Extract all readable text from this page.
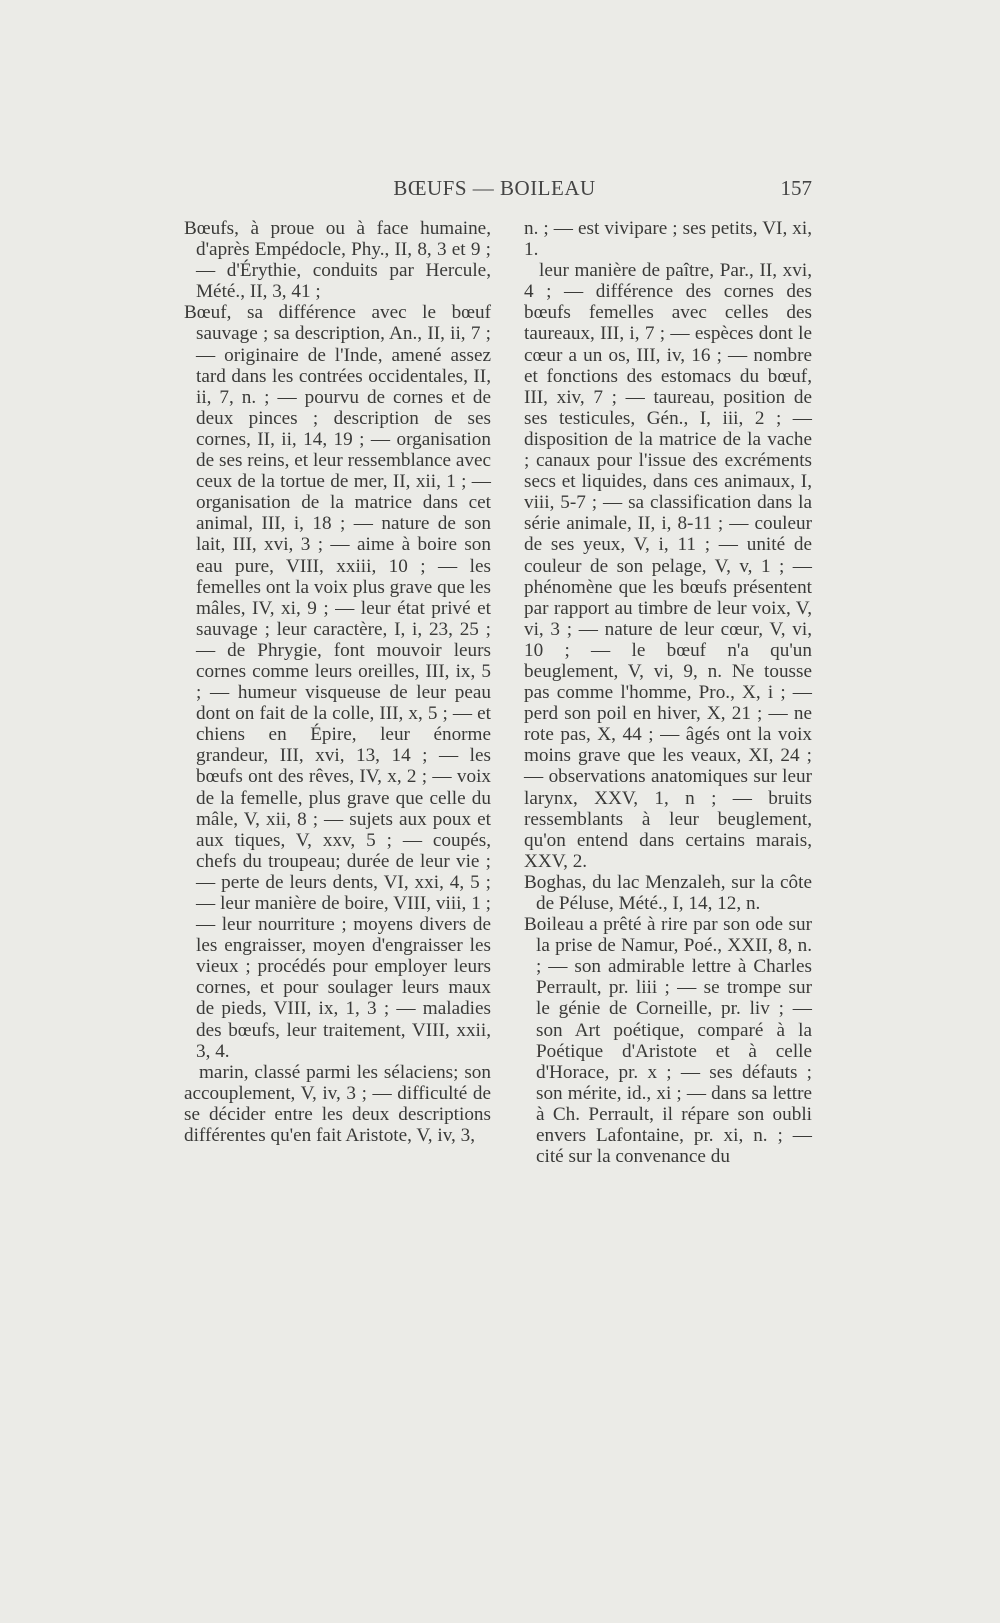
BŒUFS — BOILEAU	157

Bœufs, à proue ou à face humaine, d'après Empédocle, Phy., II, 8, 3 et 9 ; — d'Érythie, conduits par Hercule, Mété., II, 3, 41 ;

Bœuf, sa différence avec le bœuf sauvage ; sa description, An., II, ii, 7 ; — originaire de l'Inde, amené assez tard dans les contrées occidentales, II, ii, 7, n. ; — pourvu de cornes et de deux pinces ; description de ses cornes, II, ii, 14, 19 ; — organisation de ses reins, et leur ressemblance avec ceux de la tortue de mer, II, xii, 1 ; — organisation de la matrice dans cet animal, III, i, 18 ; — nature de son lait, III, xvi, 3 ; — aime à boire son eau pure, VIII, xxiii, 10 ; — les femelles ont la voix plus grave que les mâles, IV, xi, 9 ; — leur état privé et sauvage ; leur caractère, I, i, 23, 25 ; — de Phrygie, font mouvoir leurs cornes comme leurs oreilles, III, ix, 5 ; — humeur visqueuse de leur peau dont on fait de la colle, III, x, 5 ; — et chiens en Épire, leur énorme grandeur, III, xvi, 13, 14 ; — les bœufs ont des rêves, IV, x, 2 ; — voix de la femelle, plus grave que celle du mâle, V, xii, 8 ; — sujets aux poux et aux tiques, V, xxv, 5 ; — coupés, chefs du troupeau; durée de leur vie ; — perte de leurs dents, VI, xxi, 4, 5 ; — leur manière de boire, VIII, viii, 1 ; — leur nourriture ; moyens divers de les engraisser, moyen d'engraisser les vieux ; procédés pour employer leurs cornes, et pour soulager leurs maux de pieds, VIII, ix, 1, 3 ; — maladies des bœufs, leur traitement, VIII, xxii, 3, 4.

marin, classé parmi les sélaciens; son accouplement, V, iv, 3 ; — difficulté de se décider entre les deux descriptions différentes qu'en fait Aristote, V, iv, 3,

n. ; — est vivipare ; ses petits, VI, xi, 1.

leur manière de paître, Par., II, xvi, 4 ; — différence des cornes des bœufs femelles avec celles des taureaux, III, i, 7 ; — espèces dont le cœur a un os, III, iv, 16 ; — nombre et fonctions des estomacs du bœuf, III, xiv, 7 ; — taureau, position de ses testicules, Gén., I, iii, 2 ; — disposition de la matrice de la vache ; canaux pour l'issue des excréments secs et liquides, dans ces animaux, I, viii, 5-7 ; — sa classification dans la série animale, II, i, 8-11 ; — couleur de ses yeux, V, i, 11 ; — unité de couleur de son pelage, V, v, 1 ; — phénomène que les bœufs présentent par rapport au timbre de leur voix, V, vi, 3 ; — nature de leur cœur, V, vi, 10 ; — le bœuf n'a qu'un beuglement, V, vi, 9, n. Ne tousse pas comme l'homme, Pro., X, i ; — perd son poil en hiver, X, 21 ; — ne rote pas, X, 44 ; — âgés ont la voix moins grave que les veaux, XI, 24 ; — observations anatomiques sur leur larynx, XXV, 1, n ; — bruits ressemblants à leur beuglement, qu'on entend dans certains marais, XXV, 2.

Boghas, du lac Menzaleh, sur la côte de Péluse, Mété., I, 14, 12, n.

Boileau a prêté à rire par son ode sur la prise de Namur, Poé., XXII, 8, n. ; — son admirable lettre à Charles Perrault, pr. liii ; — se trompe sur le génie de Corneille, pr. liv ; — son Art poétique, comparé à la Poétique d'Aristote et à celle d'Horace, pr. x ; — ses défauts ; son mérite, id., xi ; — dans sa lettre à Ch. Perrault, il répare son oubli envers Lafontaine, pr. xi, n. ; — cité sur la convenance du
